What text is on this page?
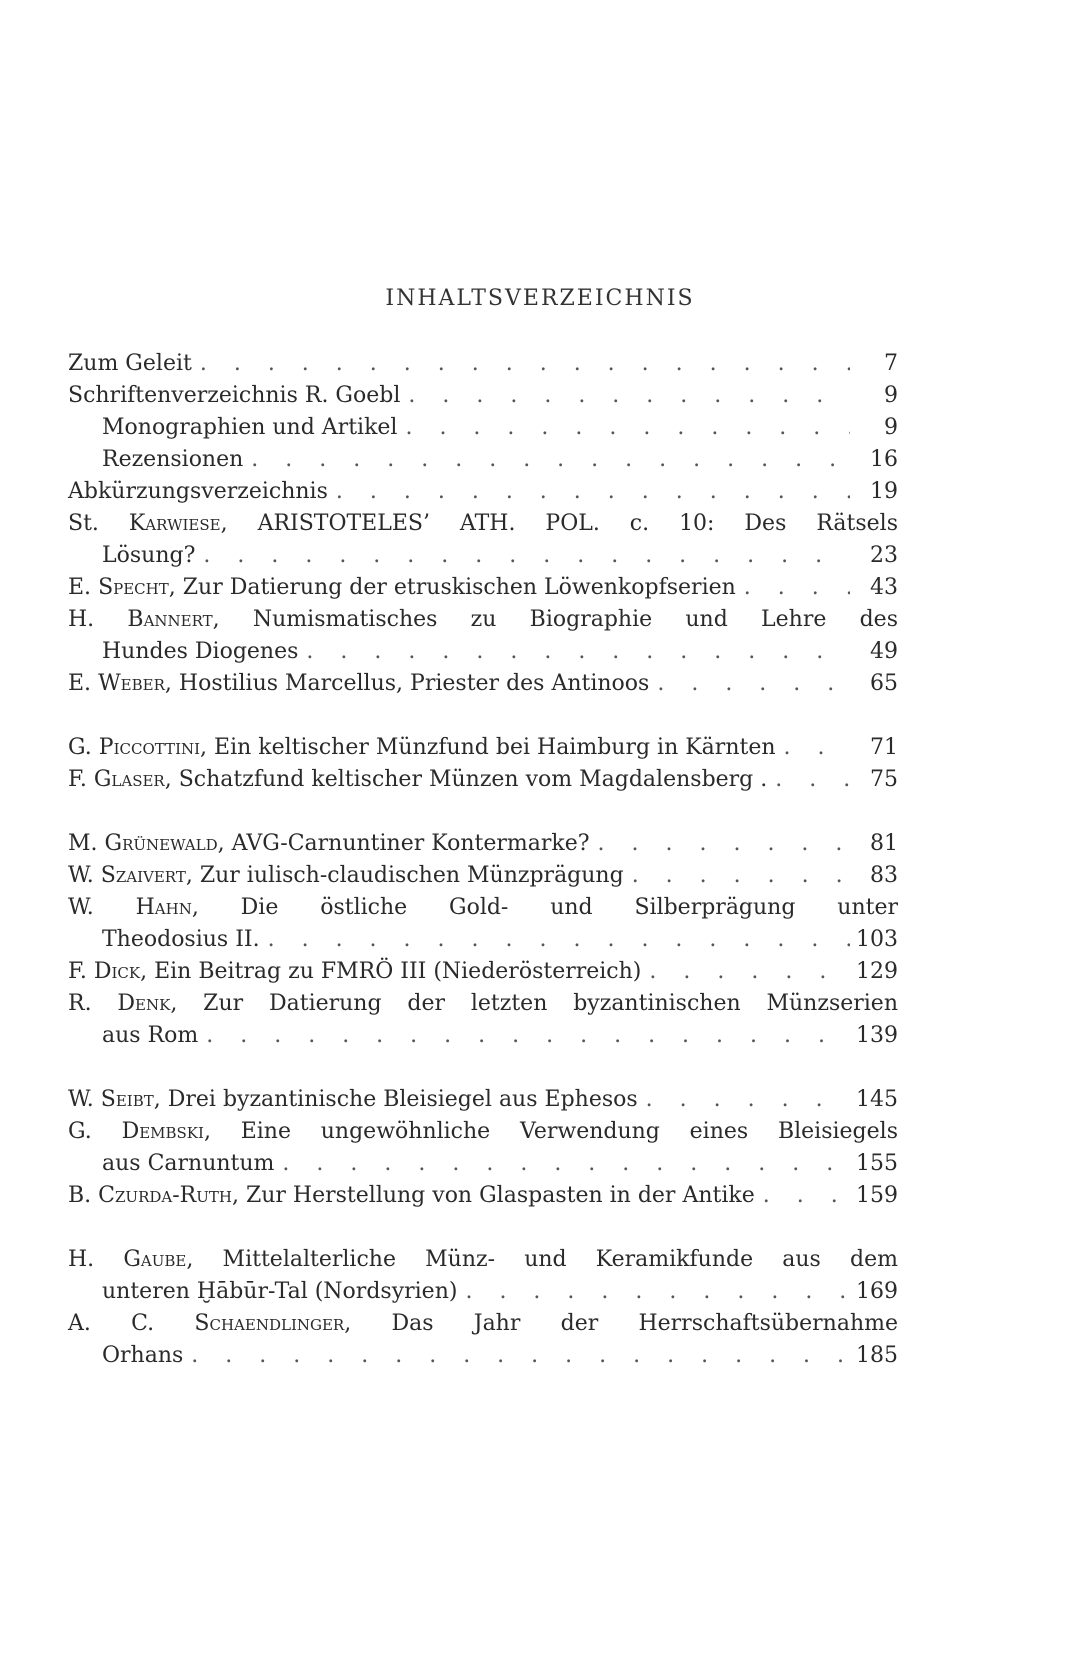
INHALTSVERZEICHNIS
Zum Geleit . . .	7
Schriftenverzeichnis R. Goebl . . .	9
Monographien und Artikel . . .	9
Rezensionen . . .	16
Abkürzungsverzeichnis . . .	19
St. Karwiese, ARISTOTELES’ ATH. POL. c. 10: Des Rätsels
Lösung? . . .	23
E. Specht, Zur Datierung der etruskischen Löwenkopfserien . . .	43
H. Bannert, Numismatisches zu Biographie und Lehre des
Hundes Diogenes . . .	49
E. Weber, Hostilius Marcellus, Priester des Antinoos . . .	65
G. Piccottini, Ein keltischer Münzfund bei Haimburg in Kärnten . . .	71
F. Glaser, Schatzfund keltischer Münzen vom Magdalensberg . . . .	75
M. Grünewald, AVG-Carnuntiner Kontermarke? . . .	81
W. Szaivert, Zur iulisch-claudischen Münzprägung . . .	83
W. Hahn, Die östliche Gold- und Silberprägung unter
Theodosius II. . . .	103
F. Dick, Ein Beitrag zu FMRÖ III (Niederösterreich) . . .	129
R. Denk, Zur Datierung der letzten byzantinischen Münzserien
aus Rom . . .	139
W. Seibt, Drei byzantinische Bleisiegel aus Ephesos . . .	145
G. Dembski, Eine ungewöhnliche Verwendung eines Bleisiegels
aus Carnuntum . . .	155
B. Czurda-Ruth, Zur Herstellung von Glaspasten in der Antike . . .	159
H. Gaube, Mittelalterliche Münz- und Keramikfunde aus dem
unteren Ḫābūr-Tal (Nordsyrien) . . .	169
A. C. Schaendlinger, Das Jahr der Herrschaftsübernahme
Orhans . . .	185
